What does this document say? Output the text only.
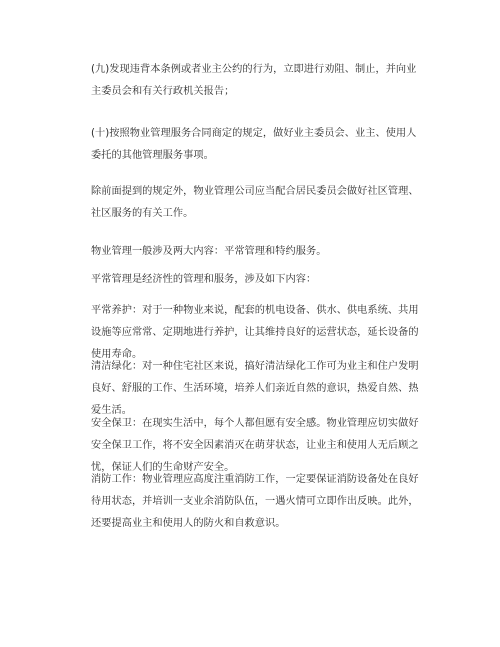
(九)发现违背本条例或者业主公约的行为，立即进行劝阻、制止，并向业主委员会和有关行政机关报告；

(十)按照物业管理服务合同商定的规定，做好业主委员会、业主、使用人委托的其他管理服务事项。

除前面提到的规定外，物业管理公司应当配合居民委员会做好社区管理、社区服务的有关工作。

物业管理一般涉及两大内容：平常管理和特约服务。

平常管理是经济性的管理和服务，涉及如下内容：

平常养护：对于一种物业来说，配套的机电设备、供水、供电系统、共用设施等应常常、定期地进行养护，让其维持良好的运营状态，延长设备的使用寿命。

清洁绿化：对一种住宅社区来说，搞好清洁绿化工作可为业主和住户发明良好、舒服的工作、生活环境，培养人们亲近自然的意识，热爱自然、热爱生活。

安全保卫：在现实生活中，每个人都但愿有安全感。物业管理应切实做好安全保卫工作，将不安全因素消灭在萌芽状态，让业主和使用人无后顾之忧，保证人们的生命财产安全。

消防工作：物业管理应高度注重消防工作，一定要保证消防设备处在良好待用状态，并培训一支业余消防队伍，一遇火情可立即作出反映。此外，还要提高业主和使用人的防火和自救意识。
